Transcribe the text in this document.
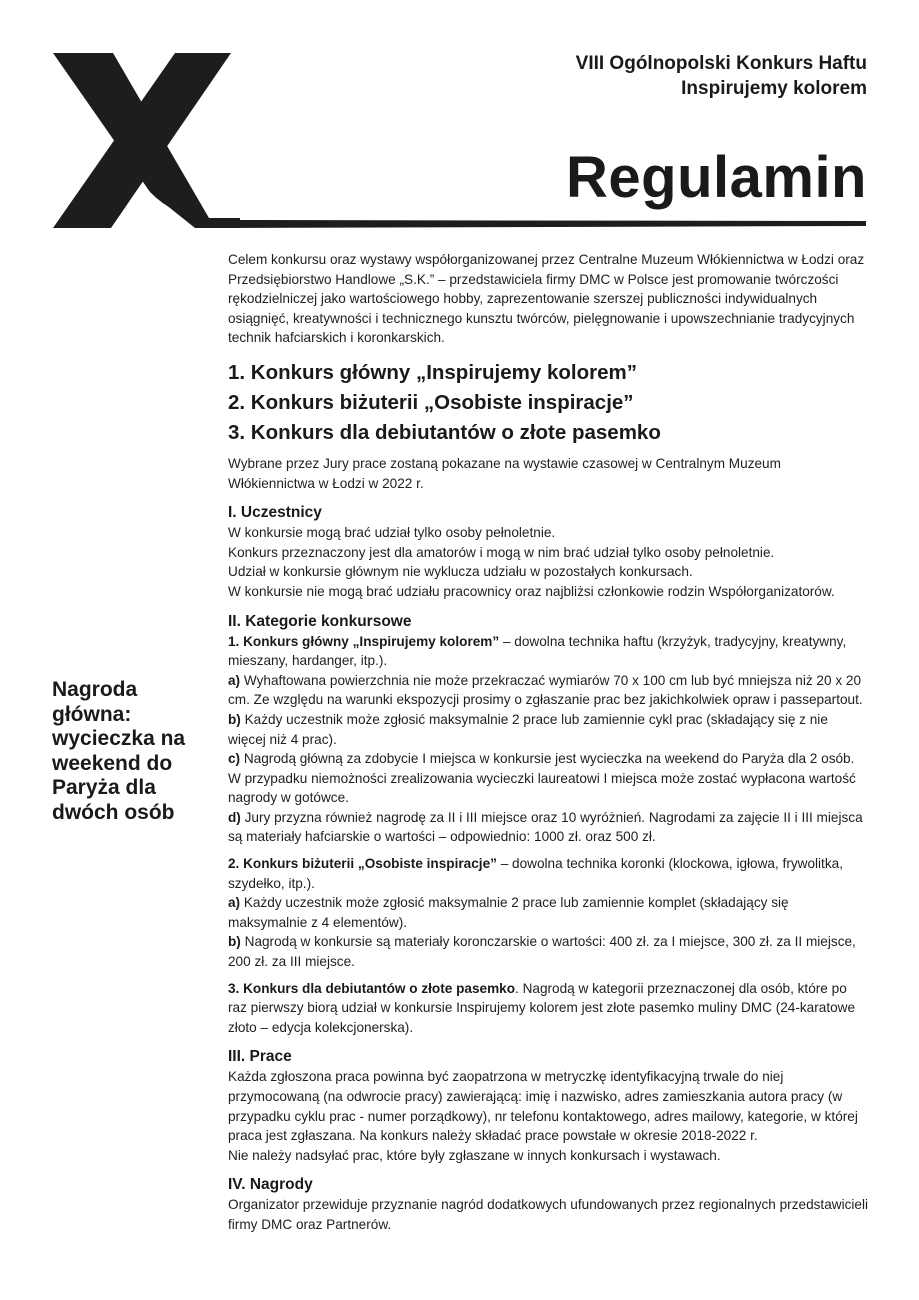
VIII Ogólnopolski Konkurs Haftu
Inspirujemy kolorem
Regulamin

Celem konkursu oraz wystawy współorganizowanej przez Centralne Muzeum Włókiennictwa w Łodzi oraz Przedsiębiorstwo Handlowe „S.K.” – przedstawiciela firmy DMC w Polsce jest promowanie twórczości rękodzielniczej jako wartościowego hobby, zaprezentowanie szerszej publiczności indywidualnych osiągnięć, kreatywności i technicznego kunsztu twórców, pielęgnowanie i upowszechnianie tradycyjnych technik hafciarskich i koronkarskich.

1. Konkurs główny „Inspirujemy kolorem”
2. Konkurs biżuterii „Osobiste inspiracje”
3. Konkurs dla debiutantów o złote pasemko

Wybrane przez Jury prace zostaną pokazane na wystawie czasowej w Centralnym Muzeum Włókiennictwa w Łodzi w 2022 r.

I. Uczestnicy

W konkursie mogą brać udział tylko osoby pełnoletnie.

Konkurs przeznaczony jest dla amatorów i mogą w nim brać udział tylko osoby pełnoletnie.

Udział w konkursie głównym nie wyklucza udziału w pozostałych konkursach.

W konkursie nie mogą brać udziału pracownicy oraz najbliżsi członkowie rodzin Współorganizatorów.

II. Kategorie konkursowe

1. Konkurs główny „Inspirujemy kolorem” – dowolna technika haftu (krzyżyk, tradycyjny, kreatywny, mieszany, hardanger, itp.).

a) Wyhaftowana powierzchnia nie może przekraczać wymiarów 70 x 100 cm lub być mniejsza niż 20 x 20 cm. Ze względu na warunki ekspozycji prosimy o zgłaszanie prac bez jakichkolwiek opraw i passepartout.

b) Każdy uczestnik może zgłosić maksymalnie 2 prace lub zamiennie cykl prac (składający się z nie więcej niż 4 prac).

c) Nagrodą główną za zdobycie I miejsca w konkursie jest wycieczka na weekend do Paryża dla 2 osób. W przypadku niemożności zrealizowania wycieczki laureatowi I miejsca może zostać wypłacona wartość nagrody w gotówce.

d) Jury przyzna również nagrodę za II i III miejsce oraz 10 wyróżnień. Nagrodami za zajęcie II i III miejsca są materiały hafciarskie o wartości – odpowiednio: 1000 zł. oraz 500 zł.

2. Konkurs biżuterii „Osobiste inspiracje” – dowolna technika koronki (klockowa, igłowa, frywolitka, szydełko, itp.).

a) Każdy uczestnik może zgłosić maksymalnie 2 prace lub zamiennie komplet (składający się maksymalnie z 4 elementów).

b) Nagrodą w konkursie są materiały koronczarskie o wartości: 400 zł. za I miejsce, 300 zł. za II miejsce, 200 zł. za III miejsce.

3. Konkurs dla debiutantów o złote pasemko. Nagrodą w kategorii przeznaczonej dla osób, które po raz pierwszy biorą udział w konkursie Inspirujemy kolorem jest złote pasemko muliny DMC (24-karatowe złoto – edycja kolekcjonerska).

III. Prace

Każda zgłoszona praca powinna być zaopatrzona w metryczkę identyfikacyjną trwale do niej przymocowaną (na odwrocie pracy) zawierającą: imię i nazwisko, adres zamieszkania autora pracy (w przypadku cyklu prac - numer porządkowy), nr telefonu kontaktowego, adres mailowy, kategorie, w której praca jest zgłaszana. Na konkurs należy składać prace powstałe w okresie 2018-2022 r.

Nie należy nadsyłać prac, które były zgłaszane w innych konkursach i wystawach.

IV. Nagrody

Organizator przewiduje przyznanie nagród dodatkowych ufundowanych przez regionalnych przedstawicieli firmy DMC oraz Partnerów.

Nagroda główna: wycieczka na weekend do Paryża dla dwóch osób
